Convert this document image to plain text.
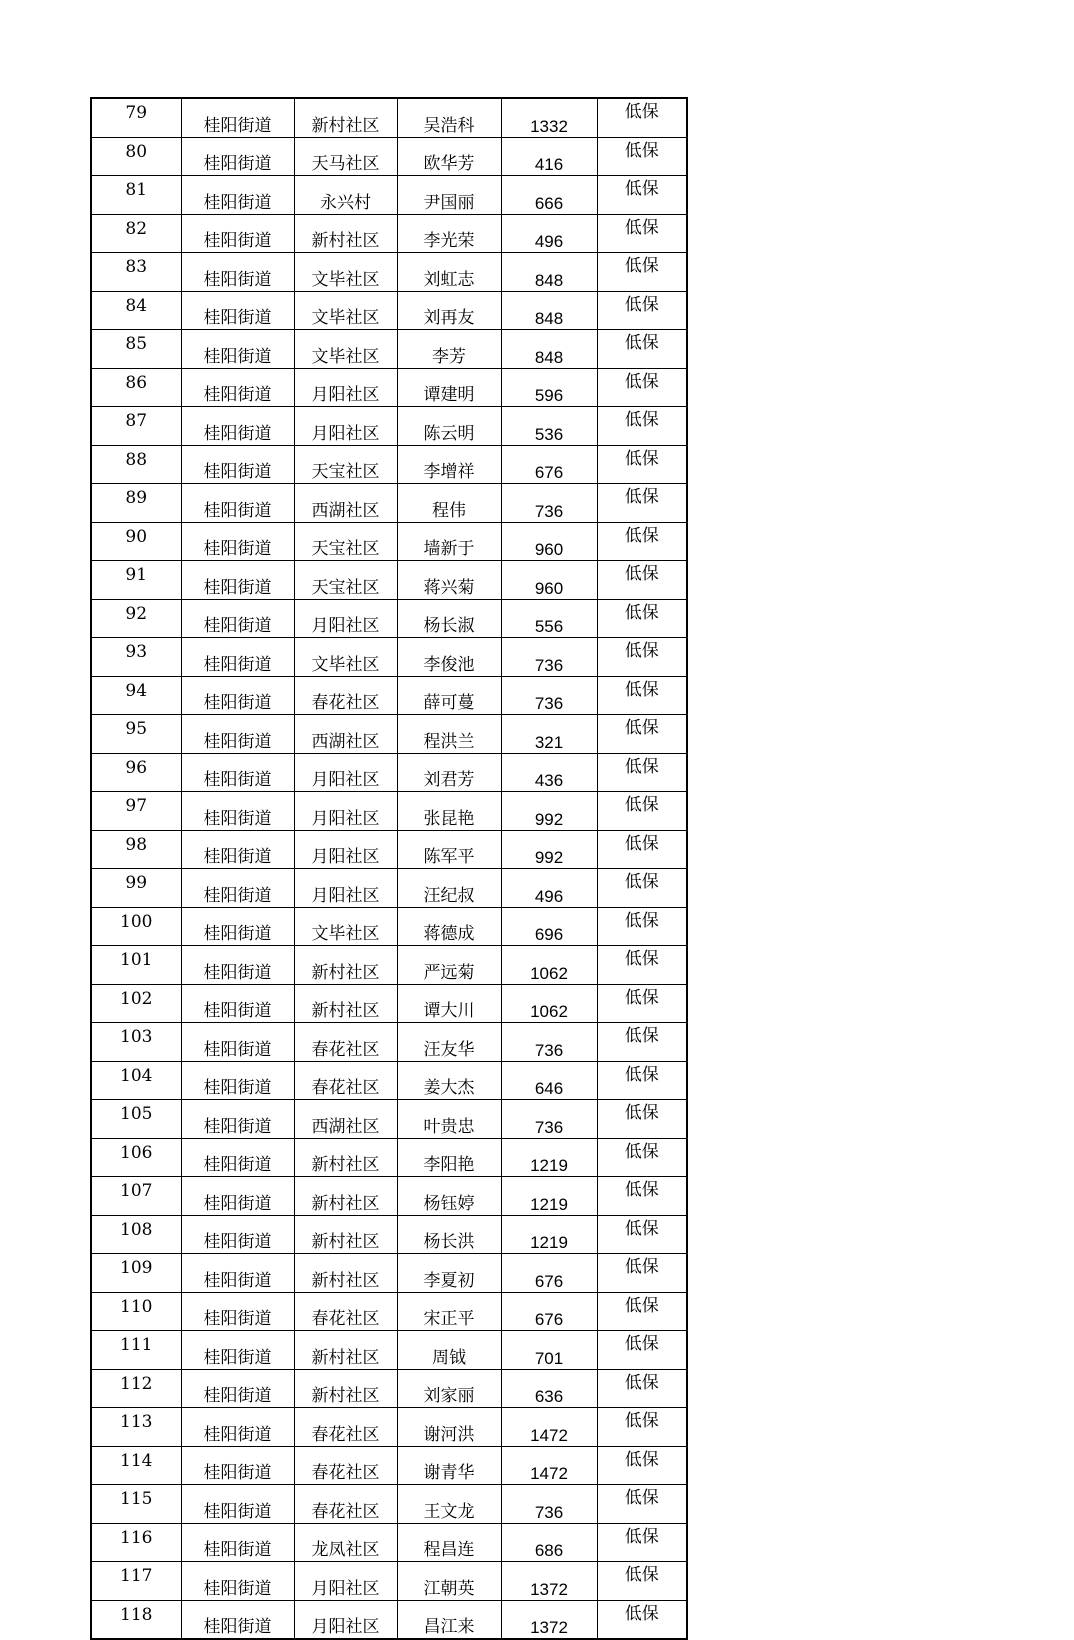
79	桂阳街道	新村社区	吴浩科	1332	低保
80	桂阳街道	天马社区	欧华芳	416	低保
81	桂阳街道	永兴村	尹国丽	666	低保
82	桂阳街道	新村社区	李光荣	496	低保
83	桂阳街道	文毕社区	刘虹志	848	低保
84	桂阳街道	文毕社区	刘再友	848	低保
85	桂阳街道	文毕社区	李芳	848	低保
86	桂阳街道	月阳社区	谭建明	596	低保
87	桂阳街道	月阳社区	陈云明	536	低保
88	桂阳街道	天宝社区	李增祥	676	低保
89	桂阳街道	西湖社区	程伟	736	低保
90	桂阳街道	天宝社区	墙新于	960	低保
91	桂阳街道	天宝社区	蒋兴菊	960	低保
92	桂阳街道	月阳社区	杨长淑	556	低保
93	桂阳街道	文毕社区	李俊池	736	低保
94	桂阳街道	春花社区	薛可蔓	736	低保
95	桂阳街道	西湖社区	程洪兰	321	低保
96	桂阳街道	月阳社区	刘君芳	436	低保
97	桂阳街道	月阳社区	张昆艳	992	低保
98	桂阳街道	月阳社区	陈军平	992	低保
99	桂阳街道	月阳社区	汪纪叔	496	低保
100	桂阳街道	文毕社区	蒋德成	696	低保
101	桂阳街道	新村社区	严远菊	1062	低保
102	桂阳街道	新村社区	谭大川	1062	低保
103	桂阳街道	春花社区	汪友华	736	低保
104	桂阳街道	春花社区	姜大杰	646	低保
105	桂阳街道	西湖社区	叶贵忠	736	低保
106	桂阳街道	新村社区	李阳艳	1219	低保
107	桂阳街道	新村社区	杨钰婷	1219	低保
108	桂阳街道	新村社区	杨长洪	1219	低保
109	桂阳街道	新村社区	李夏初	676	低保
110	桂阳街道	春花社区	宋正平	676	低保
111	桂阳街道	新村社区	周钺	701	低保
112	桂阳街道	新村社区	刘家丽	636	低保
113	桂阳街道	春花社区	谢河洪	1472	低保
114	桂阳街道	春花社区	谢青华	1472	低保
115	桂阳街道	春花社区	王文龙	736	低保
116	桂阳街道	龙凤社区	程昌连	686	低保
117	桂阳街道	月阳社区	江朝英	1372	低保
118	桂阳街道	月阳社区	昌江来	1372	低保
